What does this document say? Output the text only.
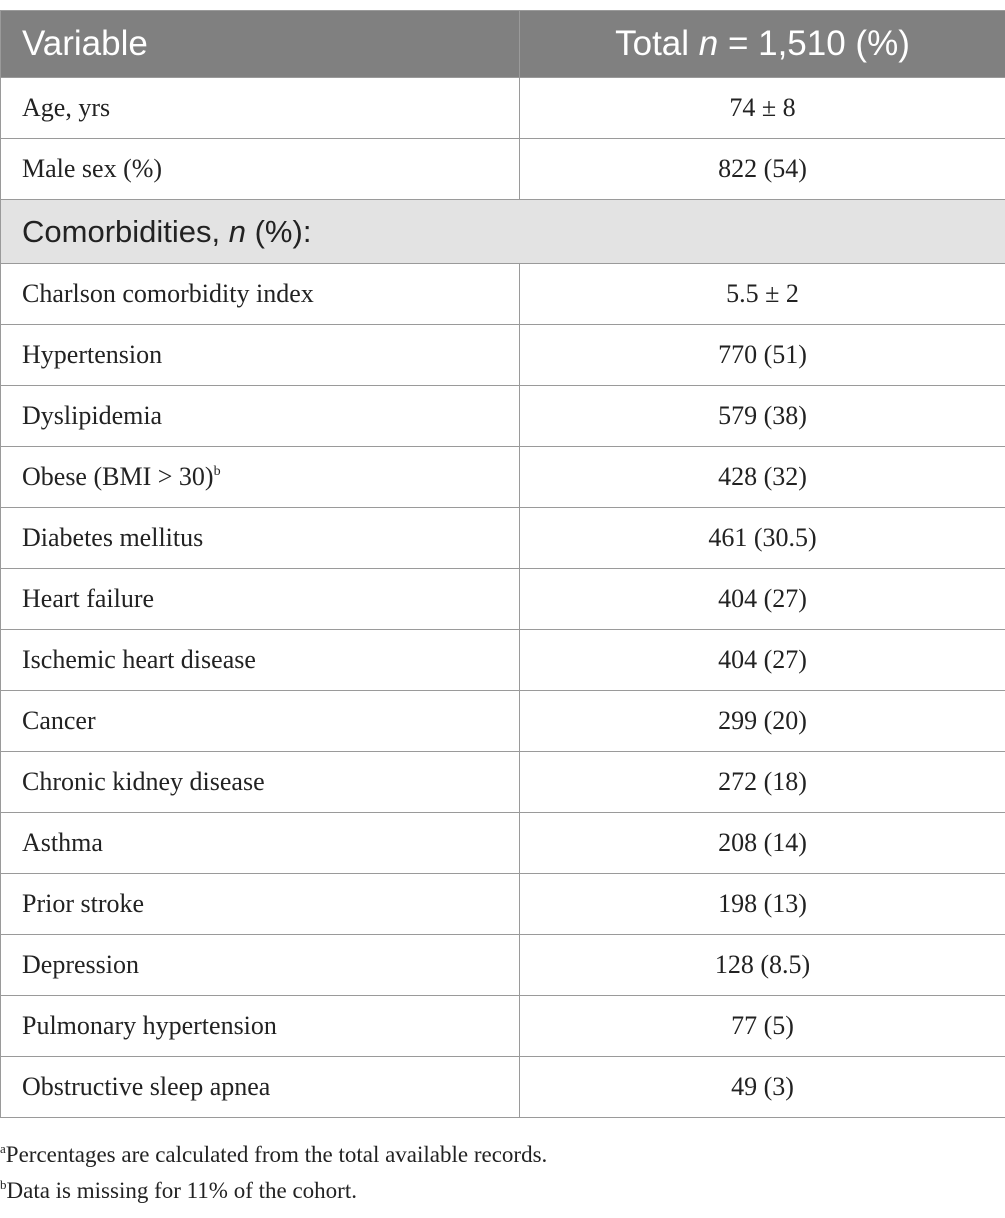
Variable	Total n = 1,510 (%)
Age, yrs	74 ± 8
Male sex (%)	822 (54)
Comorbidities, n (%):	
Charlson comorbidity index	5.5 ± 2
Hypertension	770 (51)
Dyslipidemia	579 (38)
Obese (BMI > 30)$^b$	428 (32)
Diabetes mellitus	461 (30.5)
Heart failure	404 (27)
Ischemic heart disease	404 (27)
Cancer	299 (20)
Chronic kidney disease	272 (18)
Asthma	208 (14)
Prior stroke	198 (13)
Depression	128 (8.5)
Pulmonary hypertension	77 (5)
Obstructive sleep apnea	49 (3)
$^a$Percentages are calculated from the total available records.
$^b$Data is missing for 11% of the cohort.
